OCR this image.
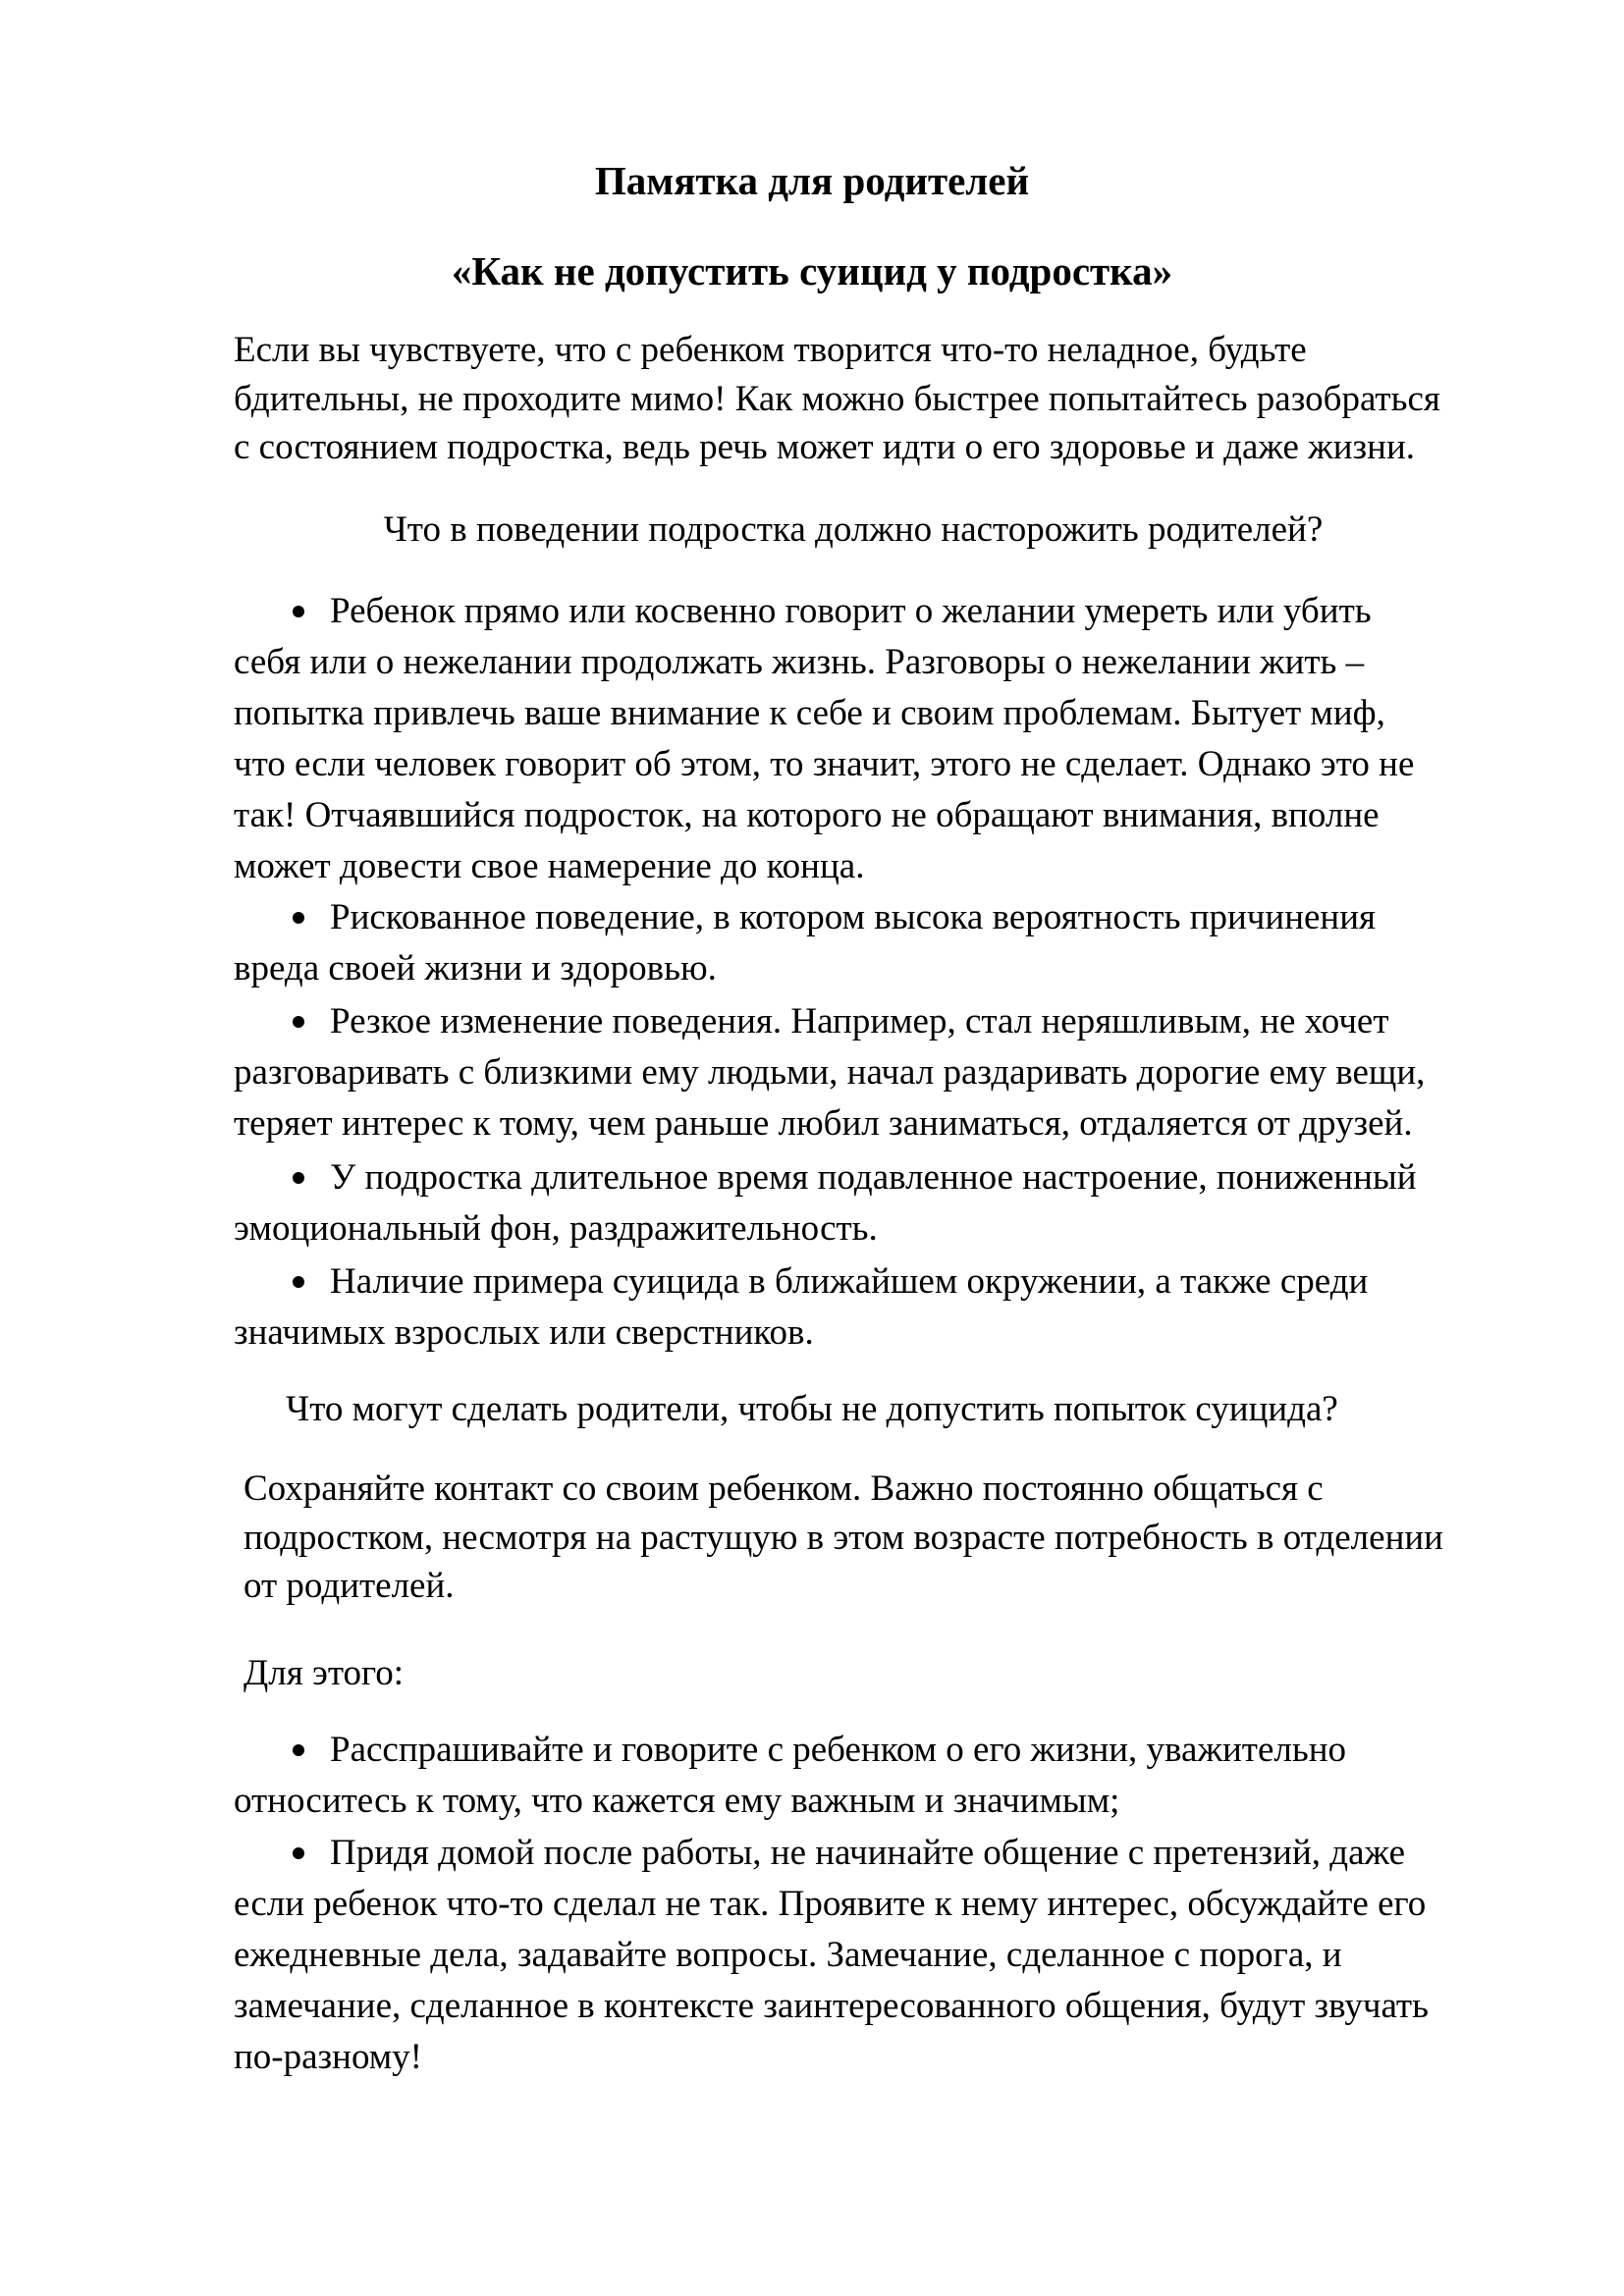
Памятка для родителей
«Как не допустить суицид у подростка»
Если вы чувствуете, что с ребенком творится что-то неладное, будьте
бдительны, не проходите мимо! Как можно быстрее попытайтесь разобраться
с состоянием подростка, ведь речь может идти о его здоровье и даже жизни.
Что в поведении подростка должно насторожить родителей?
Ребенок прямо или косвенно говорит о желании умереть или убить
себя или о нежелании продолжать жизнь. Разговоры о нежелании жить –
попытка привлечь ваше внимание к себе и своим проблемам. Бытует миф,
что если человек говорит об этом, то значит, этого не сделает. Однако это не
так! Отчаявшийся подросток, на которого не обращают внимания, вполне
может довести свое намерение до конца.
Рискованное поведение, в котором высока вероятность причинения
вреда своей жизни и здоровью.
Резкое изменение поведения. Например, стал неряшливым, не хочет
разговаривать с близкими ему людьми, начал раздаривать дорогие ему вещи,
теряет интерес к тому, чем раньше любил заниматься, отдаляется от друзей.
У подростка длительное время подавленное настроение, пониженный
эмоциональный фон, раздражительность.
Наличие примера суицида в ближайшем окружении, а также среди
значимых взрослых или сверстников.
Что могут сделать родители, чтобы не допустить попыток суицида?
Сохраняйте контакт со своим ребенком. Важно постоянно общаться с
подростком, несмотря на растущую в этом возрасте потребность в отделении
от родителей.
Для этого:
Расспрашивайте и говорите с ребенком о его жизни, уважительно
относитесь к тому, что кажется ему важным и значимым;
Придя домой после работы, не начинайте общение с претензий, даже
если ребенок что-то сделал не так. Проявите к нему интерес, обсуждайте его
ежедневные дела, задавайте вопросы. Замечание, сделанное с порога, и
замечание, сделанное в контексте заинтересованного общения, будут звучать
по-разному!
